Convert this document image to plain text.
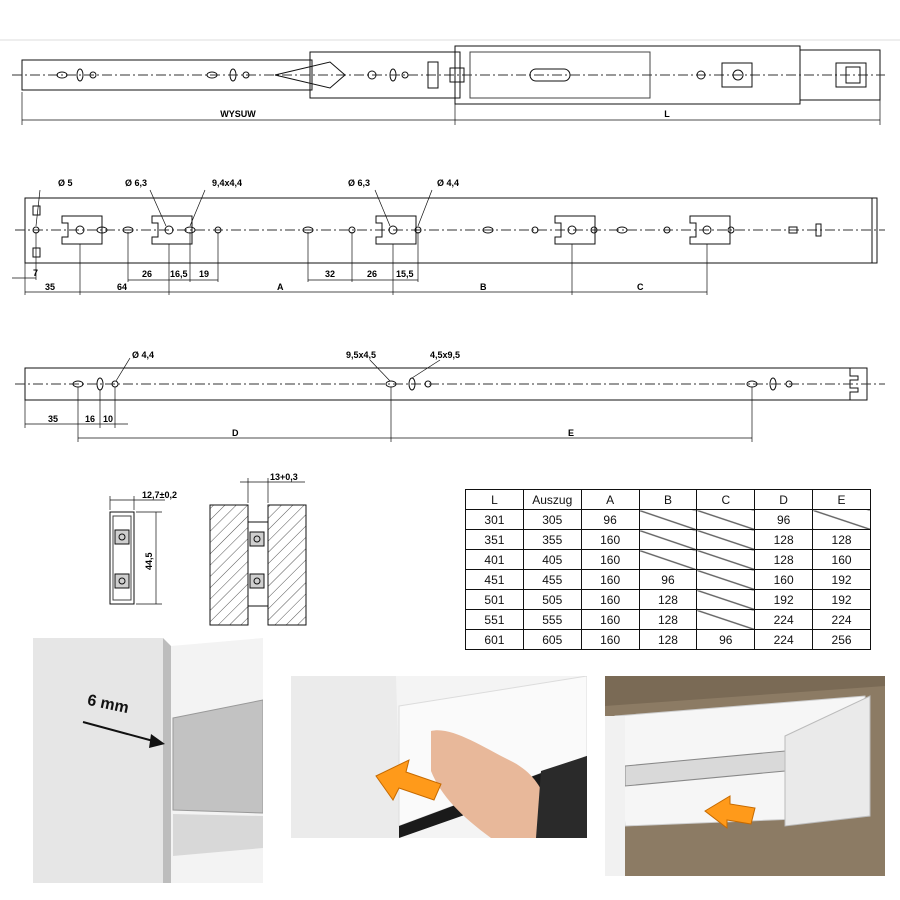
WYSUW	L
Ø 5	Ø 6,3	9,4x4,4	Ø 6,3	Ø 4,4
7
35	64
26 16,5 19
A
32	26 15,5
B	C
Ø 4,4	9,5x4,5	4,5x9,5
35	16 10
D	E
12,7±0,2
44,5
13+0,3
L	Auszug	A	B	C	D	E
301	305	96			96	
351	355	160			128	128
401	405	160			128	160
451	455	160	96		160	192
501	505	160	128		192	192
551	555	160	128		224	224
601	605	160	128	96	224	256
6 mm
